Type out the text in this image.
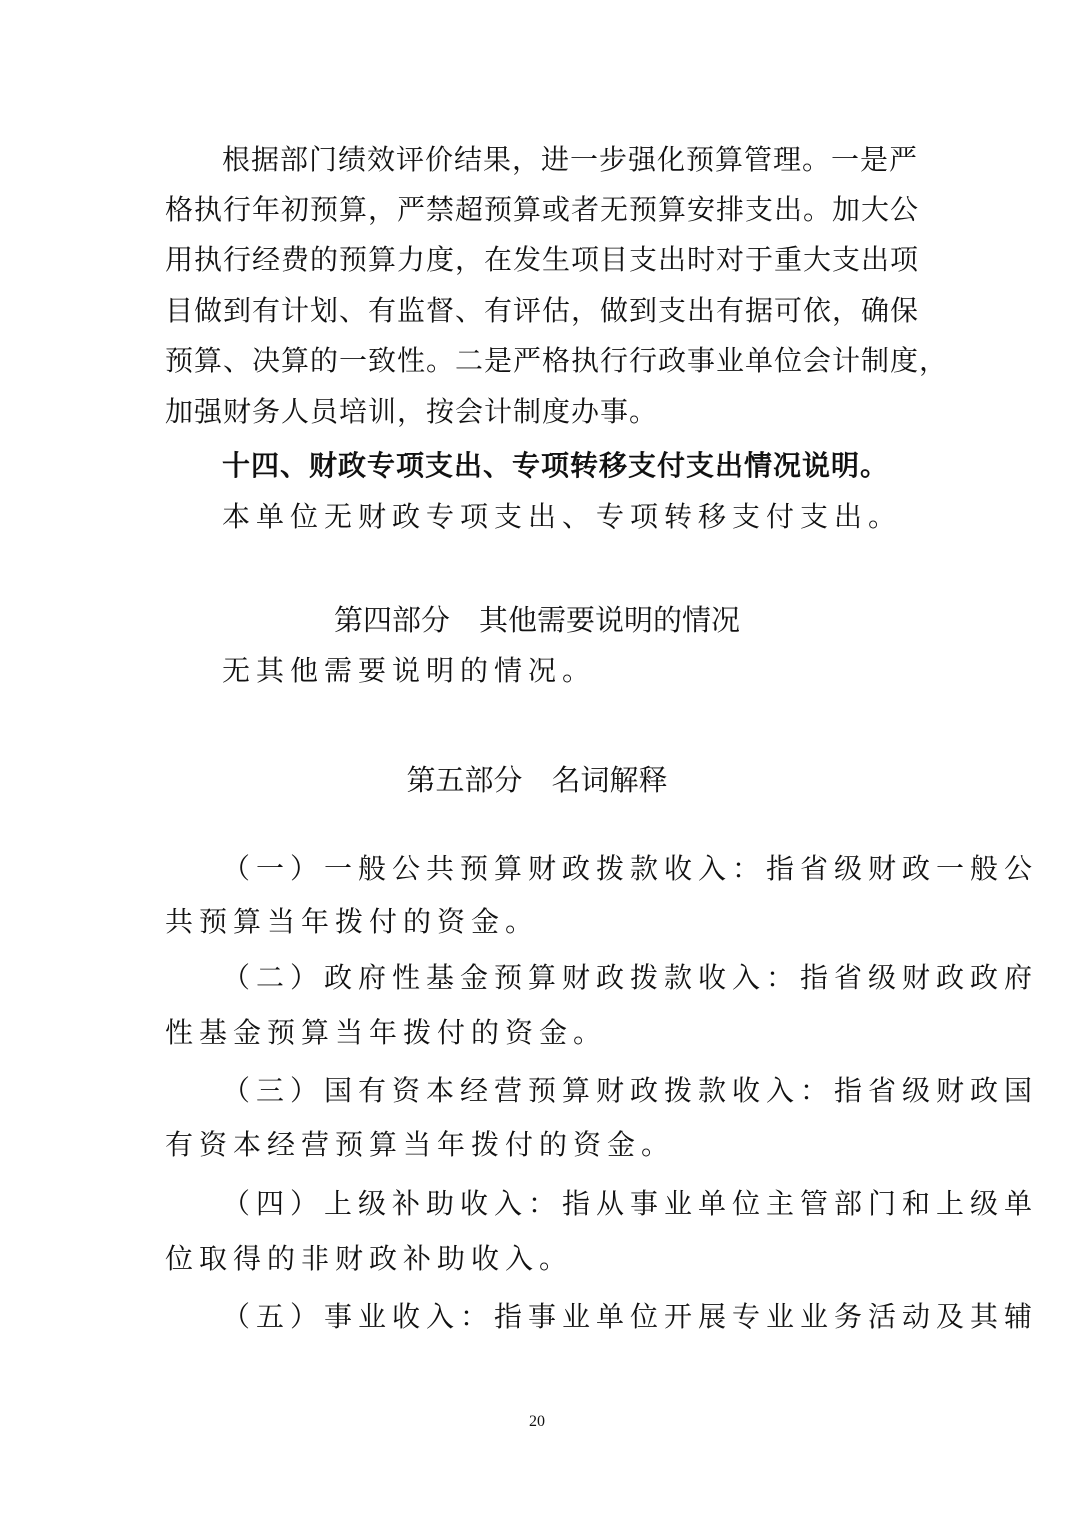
根据部门绩效评价结果，进一步强化预算管理。一是严
格执行年初预算，严禁超预算或者无预算安排支出。加大公
用执行经费的预算力度，在发生项目支出时对于重大支出项
目做到有计划、有监督、有评估，做到支出有据可依，确保
预算、决算的一致性。二是严格执行行政事业单位会计制度，
加强财务人员培训，按会计制度办事。
十四、财政专项支出、专项转移支付支出情况说明。
本单位无财政专项支出、专项转移支付支出。
第四部分　其他需要说明的情况
无其他需要说明的情况。
第五部分　名词解释
（一）一般公共预算财政拨款收入：指省级财政一般公
共预算当年拨付的资金。
（二）政府性基金预算财政拨款收入：指省级财政政府
性基金预算当年拨付的资金。
（三）国有资本经营预算财政拨款收入：指省级财政国
有资本经营预算当年拨付的资金。
（四）上级补助收入：指从事业单位主管部门和上级单
位取得的非财政补助收入。
（五）事业收入：指事业单位开展专业业务活动及其辅
20
